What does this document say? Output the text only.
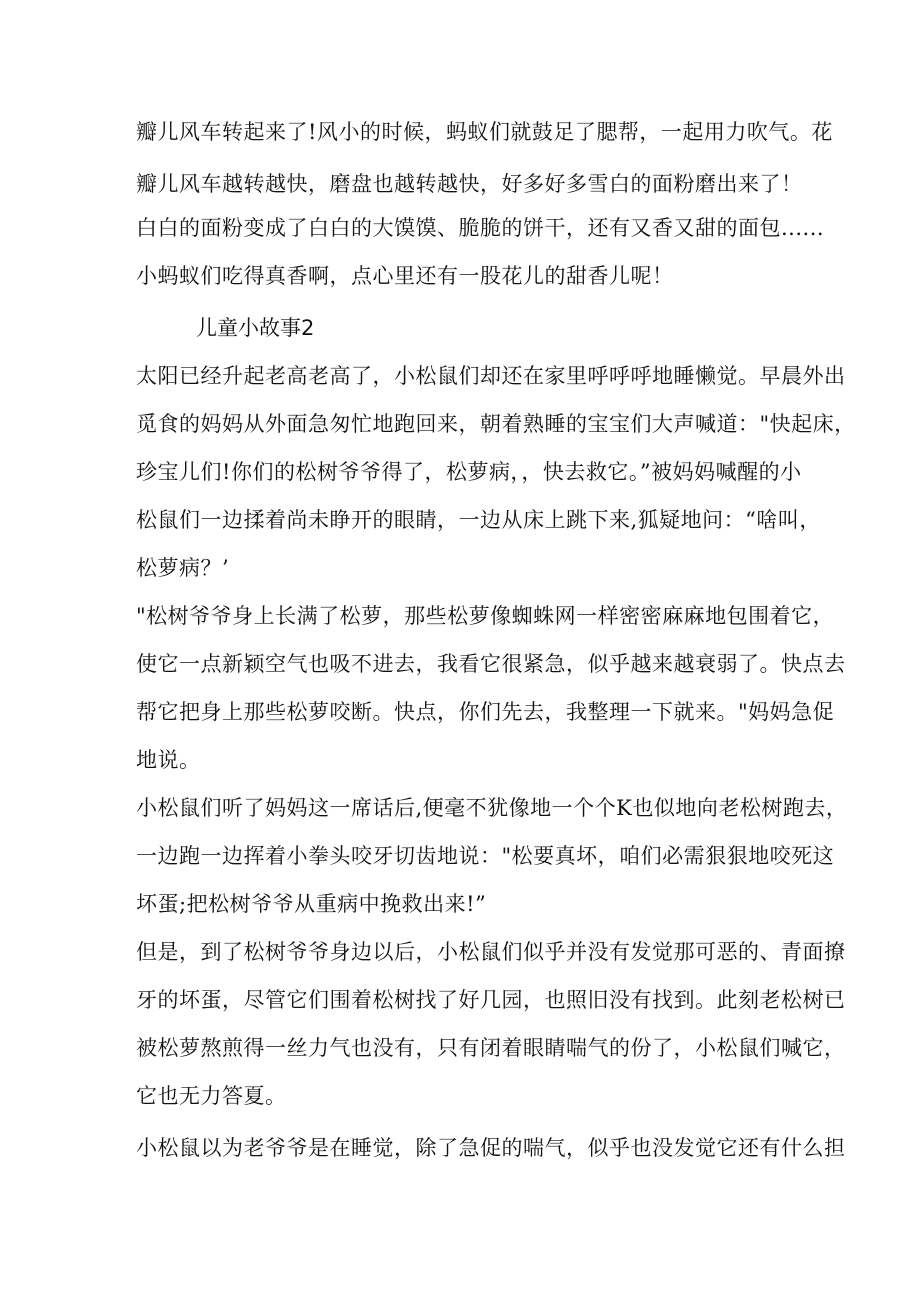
瓣儿风车转起来了!风小的时候，蚂蚁们就鼓足了腮帮，一起用力吹气。花
瓣儿风车越转越快，磨盘也越转越快，好多好多雪白的面粉磨出来了！
白白的面粉变成了白白的大馍馍、脆脆的饼干，还有又香又甜的面包......
小蚂蚁们吃得真香啊，点心里还有一股花儿的甜香儿呢！
儿童小故事2
太阳已经升起老高老高了，小松鼠们却还在家里呼呼呼地睡懒觉。早晨外出
觅食的妈妈从外面急匆忙地跑回来，朝着熟睡的宝宝们大声喊道："快起床，
珍宝儿们!你们的松树爷爷得了，松萝病，，快去救它。”被妈妈喊醒的小
松鼠们一边揉着尚未睁开的眼睛，一边从床上跳下来,狐疑地问：“啥叫，
松萝病？’
"松树爷爷身上长满了松萝，那些松萝像蜘蛛网一样密密麻麻地包围着它，
使它一点新颖空气也吸不进去，我看它很紧急，似乎越来越衰弱了。快点去
帮它把身上那些松萝咬断。快点，你们先去，我整理一下就来。"妈妈急促
地说。
小松鼠们听了妈妈这一席话后,便毫不犹像地一个个K也似地向老松树跑去，
一边跑一边挥着小拳头咬牙切齿地说："松要真坏，咱们必需狠狠地咬死这
坏蛋;把松树爷爷从重病中挽救出来!”
但是，到了松树爷爷身边以后，小松鼠们似乎并没有发觉那可恶的、青面撩
牙的坏蛋，尽管它们围着松树找了好几园，也照旧没有找到。此刻老松树已
被松萝熬煎得一丝力气也没有，只有闭着眼睛喘气的份了，小松鼠们喊它，
它也无力答夏。
小松鼠以为老爷爷是在睡觉，除了急促的喘气，似乎也没发觉它还有什么担
